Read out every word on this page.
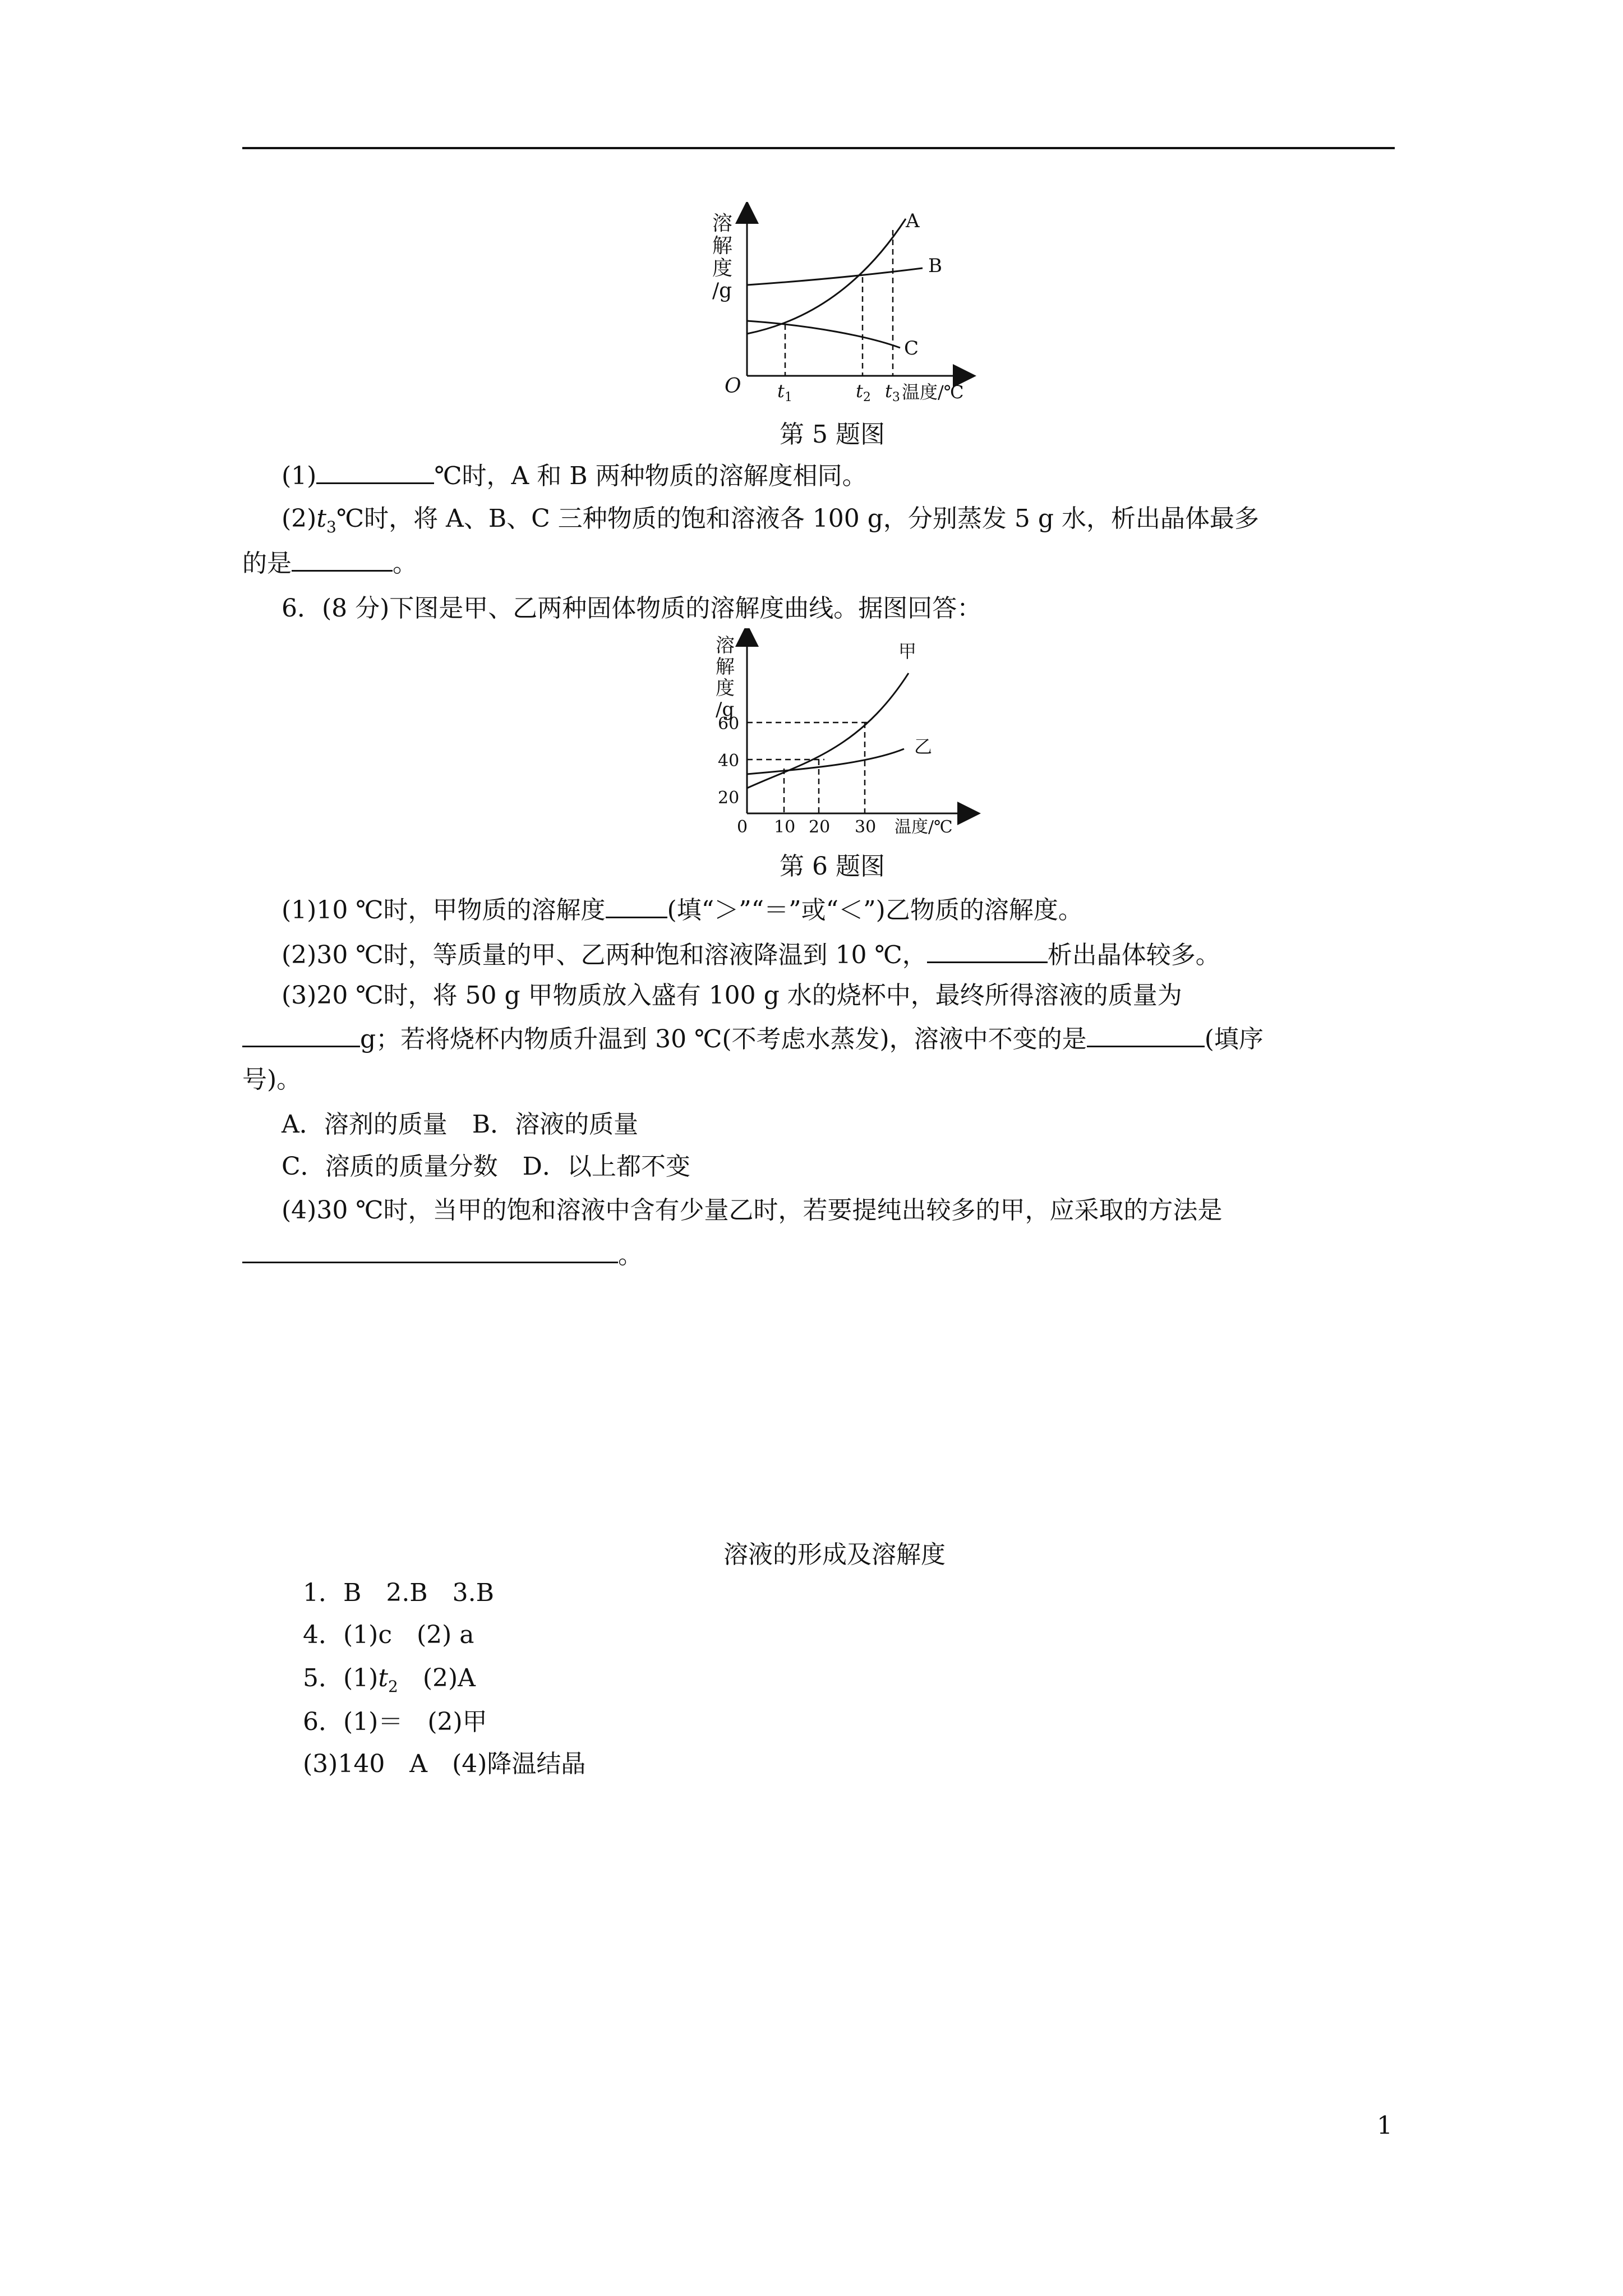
溶
解
度
/g
A
B
C
O $t_1$	$t_2$ $t_3$ 温度/℃
第 5 题图
(1)	℃时，A 和 B 两种物质的溶解度相同。
$(2)t_3℃$时，将 A、B、C 三种物质的饱和溶液各 100 g，分别蒸发 5 g 水，析出晶体最多
的是	。
6．(8 分)下图是甲、乙两种固体物质的溶解度曲线。据图回答：
溶
解
度
/g
60
40
20
甲
乙
0 10 20 30 温度/℃
第 6 题图
(1)10 ℃时，甲物质的溶解度	(填“＞”“＝”或“＜”)乙物质的溶解度。
(2)30 ℃时，等质量的甲、乙两种饱和溶液降温到 10 ℃，	析出晶体较多。
(3)20 ℃时，将 50 g 甲物质放入盛有 100 g 水的烧杯中，最终所得溶液的质量为
g；若将烧杯内物质升温到 30 ℃(不考虑水蒸发)，溶液中不变的是	(填序
号)。
A．溶剂的质量　B．溶液的质量
C．溶质的质量分数　D．以上都不变
(4)30 ℃时，当甲的饱和溶液中含有少量乙时，若要提纯出较多的甲，应采取的方法是
。
溶液的形成及溶解度
1．B　2.B　3.B
4．(1)c　(2) a
5．$(1)t_2$　(2)A
6．(1)＝　(2)甲
(3)140　A　(4)降温结晶
1
